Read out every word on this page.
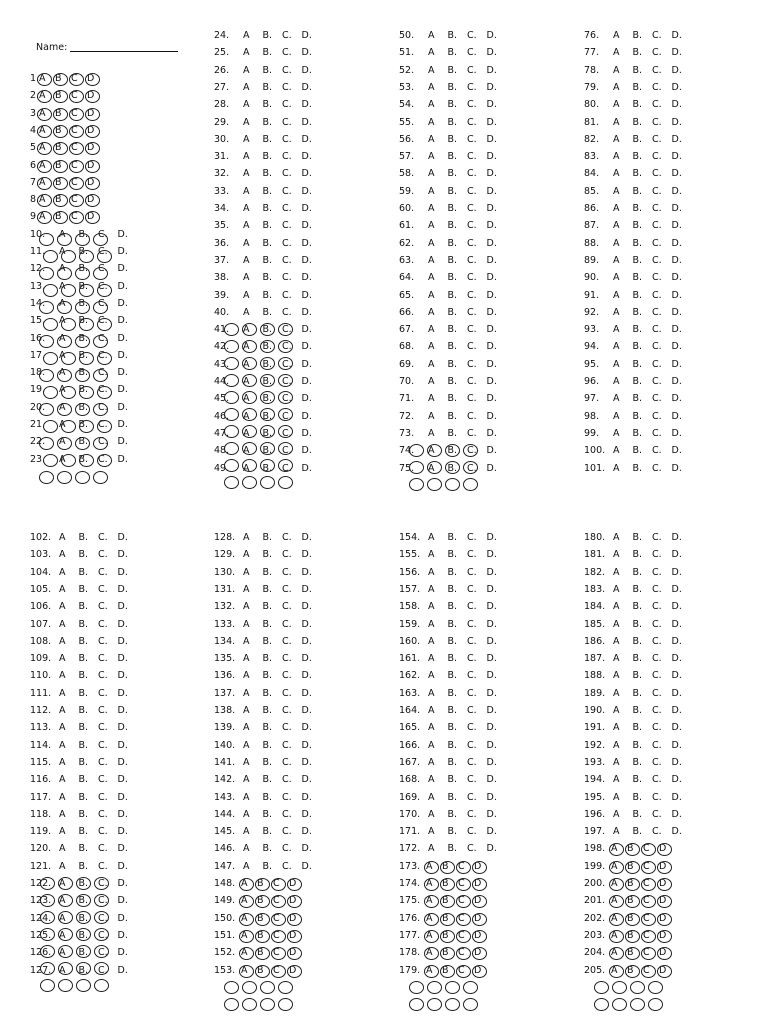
Name:

1.A B C D
2.A B C D
3.A B C D
4.A B C D
5.A B C D
6.A B C D
7.A B C D
8.A B C D
9.A B C D
10. A B. C. D.
11. A B. C. D.
12. A B. C. D.
13. A B. C. D.
14. A B. C. D.
15. A B. C. D.
16. A B. C. D.
17. A B. C. D.
18. A B. C. D.
19. A B. C. D.
20. A B. C. D.
21. A B. C. D.
22. A B. C. D.
23. A B. C. D.
24. A B. C. D.
25. A B. C. D.
26. A B. C. D.
27. A B. C. D.
28. A B. C. D.
29. A B. C. D.
30. A B. C. D.
31. A B. C. D.
32. A B. C. D.
33. A B. C. D.
34. A B. C. D.
35. A B. C. D.
36. A B. C. D.
37. A B. C. D.
38. A B. C. D.
39. A B. C. D.
40. A B. C. D.
41. A B. C. D.
42. A B. C. D.
43. A B. C. D.
44. A B. C. D.
45. A B. C. D.
46. A B. C. D.
47. A B. C. D.
48. A B. C. D.
49. A B. C. D.
50. A B. C. D.
51. A B. C. D.
52. A B. C. D.
53. A B. C. D.
54. A B. C. D.
55. A B. C. D.
56. A B. C. D.
57. A B. C. D.
58. A B. C. D.
59. A B. C. D.
60. A B. C. D.
61. A B. C. D.
62. A B. C. D.
63. A B. C. D.
64. A B. C. D.
65. A B. C. D.
66. A B. C. D.
67. A B. C. D.
68. A B. C. D.
69. A B. C. D.
70. A B. C. D.
71. A B. C. D.
72. A B. C. D.
73. A B. C. D.
74. A B. C. D.
75. A B. C. D.
76. A B. C. D.
77. A B. C. D.
78. A B. C. D.
79. A B. C. D.
80. A B. C. D.
81. A B. C. D.
82. A B. C. D.
83. A B. C. D.
84. A B. C. D.
85. A B. C. D.
86. A B. C. D.
87. A B. C. D.
88. A B. C. D.
89. A B. C. D.
90. A B. C. D.
91. A B. C. D.
92. A B. C. D.
93. A B. C. D.
94. A B. C. D.
95. A B. C. D.
96. A B. C. D.
97. A B. C. D.
98. A B. C. D.
99. A B. C. D.
100. A B. C. D.
101. A B. C. D.
102. A B. C. D.
103. A B. C. D.
104. A B. C. D.
105. A B. C. D.
106. A B. C. D.
107. A B. C. D.
108. A B. C. D.
109. A B. C. D.
110. A B. C. D.
111. A B. C. D.
112. A B. C. D.
113. A B. C. D.
114. A B. C. D.
115. A B. C. D.
116. A B. C. D.
117. A B. C. D.
118. A B. C. D.
119. A B. C. D.
120. A B. C. D.
121. A B. C. D.
122. A B. C. D.
123. A B. C. D.
124. A B. C. D.
125. A B. C. D.
126. A B. C. D.
127. A B. C. D.
128. A B. C. D.
129. A B. C. D.
130. A B. C. D.
131. A B. C. D.
132. A B. C. D.
133. A B. C. D.
134. A B. C. D.
135. A B. C. D.
136. A B. C. D.
137. A B. C. D.
138. A B. C. D.
139. A B. C. D.
140. A B. C. D.
141. A B. C. D.
142. A B. C. D.
143. A B. C. D.
144. A B. C. D.
145. A B. C. D.
146. A B. C. D.
147. A B. C. D.
148. A B C D
149. A B C D
150. A B C D
151. A B C D
152. A B C D
153. A B C D
154. A B. C. D.
155. A B. C. D.
156. A B. C. D.
157. A B. C. D.
158. A B. C. D.
159. A B. C. D.
160. A B. C. D.
161. A B. C. D.
162. A B. C. D.
163. A B. C. D.
164. A B. C. D.
165. A B. C. D.
166. A B. C. D.
167. A B. C. D.
168. A B. C. D.
169. A B. C. D.
170. A B. C. D.
171. A B. C. D.
172. A B. C. D.
173. A B C D
174. A B C D
175. A B C D
176. A B C D
177. A B C D
178. A B C D
179. A B C D
180. A B. C. D.
181. A B. C. D.
182. A B. C. D.
183. A B. C. D.
184. A B. C. D.
185. A B. C. D.
186. A B. C. D.
187. A B. C. D.
188. A B. C. D.
189. A B. C. D.
190. A B. C. D.
191. A B. C. D.
192. A B. C. D.
193. A B. C. D.
194. A B. C. D.
195. A B. C. D.
196. A B. C. D.
197. A B. C. D.
198. A B C D
199. A B C D
200. A B C D
201. A B C D
202. A B C D
203. A B C D
204. A B C D
205. A B C D
